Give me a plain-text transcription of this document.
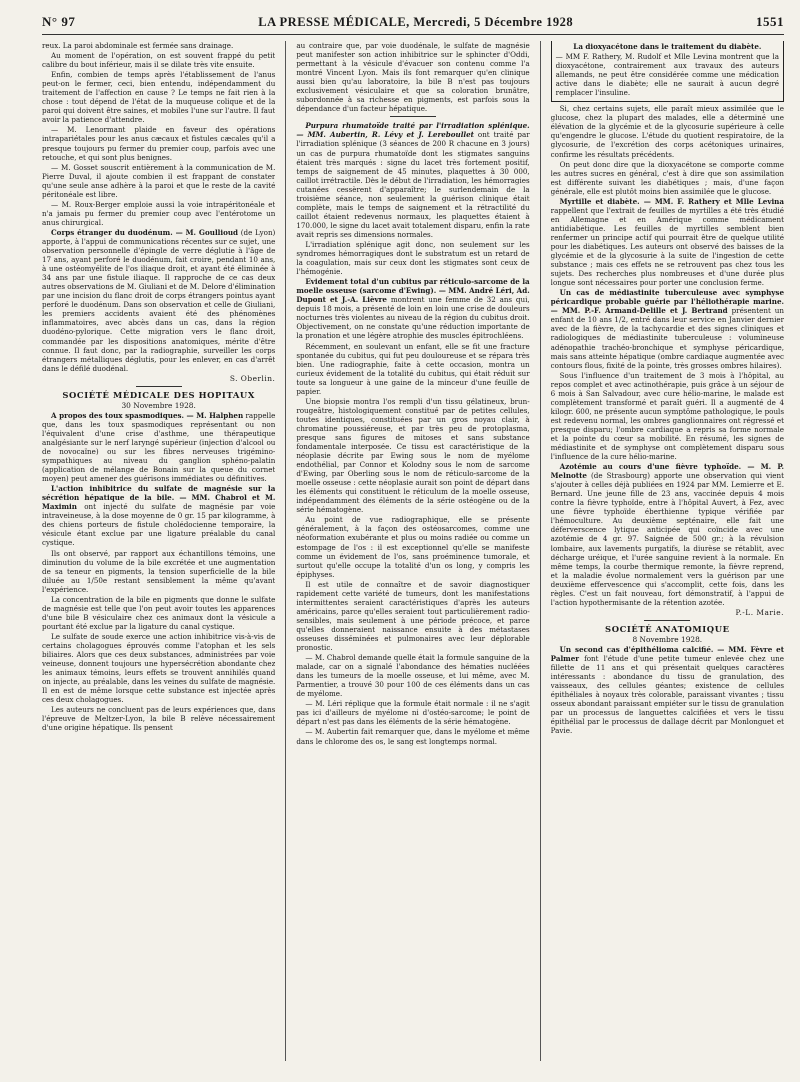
N° 97	LA PRESSE MÉDICALE, Mercredi, 5 Décembre 1928	1551

reux. La paroi abdominale est fermée sans drainage.

Au moment de l'opération, on est souvent frappé du petit calibre du bout inférieur, mais il se dilate très vite ensuite.

Enfin, combien de temps après l'établissement de l'anus peut-on le fermer, ceci, bien entendu, indépendamment du traitement de l'affection en cause ? Le temps ne fait rien à la chose : tout dépend de l'état de la muqueuse colique et de la paroi qui doivent être saines, et mobiles l'une sur l'autre. Il faut avoir la patience d'attendre.

— M. Lenormant plaide en faveur des opérations intrapariétales pour les anus cæcaux et fistules cæcales qu'il a presque toujours pu fermer du premier coup, parfois avec une retouche, et qui sont plus benignes.

— M. Gosset souscrit entièrement à la communication de M. Pierre Duval, il ajoute combien il est frappant de constater qu'une seule anse adhère à la paroi et que le reste de la cavité péritonéale est libre.

— M. Roux-Berger emploie aussi la voie intrapéritonéale et n'a jamais pu fermer du premier coup avec l'entérotome un anus chirurgical.

Corps étranger du duodénum. — M. Goullioud (de Lyon) apporte, à l'appui de communications récentes sur ce sujet, une observation personnelle d'épingle de verre déglutie à l'âge de 17 ans, ayant perforé le duodénum, fait croire, pendant 10 ans, à une ostéomyélite de l'os iliaque droit, et ayant été éliminée à 34 ans par une fistule iliaque. Il rapproche de ce cas deux autres observations de M. Giuliani et de M. Delore d'élimination par une incision du flanc droit de corps étrangers pointus ayant perforé le duodénum. Dans son observation et celle de Giuliani, les premiers accidents avaient été des phénomènes inflammatoires, avec abcès dans un cas, dans la région duodéno-pylorique. Cette migration vers le flanc droit, commandée par les dispositions anatomiques, mérite d'être connue. Il faut donc, par la radiographie, surveiller les corps étrangers métalliques déglutis, pour les enlever, en cas d'arrêt dans le défilé duodénal.

S. Oberlin.

SOCIÉTÉ MÉDICALE DES HOPITAUX

30 Novembre 1928.

A propos des toux spasmodiques. — M. Halphen rappelle que, dans les toux spasmodiques représentant ou non l'équivalent d'une crise d'asthme, une thérapeutique analgésiante sur le nerf laryngé supérieur (injection d'alcool ou de novocaïne) ou sur les fibres nerveuses trigémino-sympathiques au niveau du ganglion sphéno-palatin (application de mélange de Bonain sur la queue du cornet moyen) peut amener des guérisons immédiates ou définitives.

L'action inhibitrice du sulfate de magnésie sur la sécrétion hépatique de la bile. — MM. Chabrol et M. Maximin ont injecté du sulfate de magnésie par voie intraveineuse, à la dose moyenne de 0 gr. 15 par kilogramme, à des chiens porteurs de fistule cholédocienne temporaire, la vésicule étant exclue par une ligature préalable du canal cystique.

Ils ont observé, par rapport aux échantillons témoins, une diminution du volume de la bile excrétée et une augmentation de sa teneur en pigments, la tension superficielle de la bile diluée au 1/50e restant sensiblement la même qu'avant l'expérience.

La concentration de la bile en pigments que donne le sulfate de magnésie est telle que l'on peut avoir toutes les apparences d'une bile B vésiculaire chez ces animaux dont la vésicule a pourtant été exclue par la ligature du canal cystique.

Le sulfate de soude exerce une action inhibitrice vis-à-vis de certains cholagogues éprouvés comme l'atophan et les sels biliaires. Alors que ces deux substances, administrées par voie veineuse, donnent toujours une hypersécrétion abondante chez les animaux témoins, leurs effets se trouvent annihilés quand on injecte, au préalable, dans les veines du sulfate de magnésie. Il en est de même lorsque cette substance est injectée après ces deux cholagogues.

Les auteurs ne concluent pas de leurs expériences que, dans l'épreuve de Meltzer-Lyon, la bile B relève nécessairement d'une origine hépatique. Ils pensent

au contraire que, par voie duodénale, le sulfate de magnésie peut manifester son action inhibitrice sur le sphincter d'Oddi, permettant à la vésicule d'évacuer son contenu comme l'a montré Vincent Lyon. Mais ils font remarquer qu'en clinique aussi bien qu'au laboratoire, la bile B n'est pas toujours exclusivement vésiculaire et que sa coloration brunâtre, subordonnée à sa richesse en pigments, est parfois sous la dépendance d'un facteur hépatique.

Purpura rhumatoïde traité par l'irradiation splénique. — MM. Aubertin, R. Lévy et J. Lereboullet ont traité par l'irradiation splénique (3 séances de 200 R chacune en 3 jours) un cas de purpura rhumatoïde dont les stigmates sanguins étaient très marqués : signe du lacet très fortement positif, temps de saignement de 45 minutes, plaquettes à 30 000, caillot irrétractile. Dès le début de l'irradiation, les hémorragies cutanées cessèrent d'apparaître; le surlendemain de la troisième séance, non seulement la guérison clinique était complète, mais le temps de saignement et la rétractilité du caillot étaient redevenus normaux, les plaquettes étaient à 170.000, le signe du lacet avait totalement disparu, enfin la rate avait repris ses dimensions normales.

L'irradiation splénique agit donc, non seulement sur les syndromes hémorragiques dont le substratum est un retard de la coagulation, mais sur ceux dont les stigmates sont ceux de l'hémogénie.

Evidement total d'un cubitus par réticulo-sarcome de la moelle osseuse (sarcome d'Ewing). — MM. André Léri, Ad. Dupont et J.-A. Lièvre montrent une femme de 32 ans qui, depuis 18 mois, a présenté de loin en loin une crise de douleurs nocturnes très violentes au niveau de la région du cubitus droit. Objectivement, on ne constate qu'une réduction importante de la pronation et une légère atrophie des muscles épitrochléens.

Récemment, en soulevant un enfant, elle se fit une fracture spontanée du cubitus, qui fut peu douloureuse et se répara très bien. Une radiographie, faite à cette occasion, montra un curieux évidement de la totalité du cubitus, qui était réduit sur toute sa longueur à une gaine de la minceur d'une feuille de papier.

Une biopsie montra l'os rempli d'un tissu gélatineux, brun-rougeâtre, histologiquement constitué par de petites cellules, toutes identiques, constituées par un gros noyau clair, à chromatine poussiéreuse, et par très peu de protoplasma, presque sans figures de mitoses et sans substance fondamentale interposée. Ce tissu est caractéristique de la néoplasie décrite par Ewing sous le nom de myélome endothélial, par Connor et Kolodny sous le nom de sarcome d'Ewing, par Oberling sous le nom de réticulo-sarcome de la moelle osseuse : cette néoplasie aurait son point de départ dans les éléments qui constituent le réticulum de la moelle osseuse, indépendamment des éléments de la série ostéogène ou de la série hématogène.

Au point de vue radiographique, elle se présente généralement, à la façon des ostéosarcomes, comme une néoformation exubérante et plus ou moins radiée ou comme un estompage de l'os : il est exceptionnel qu'elle se manifeste comme un évidement de l'os, sans proéminence tumorale, et surtout qu'elle occupe la totalité d'un os long, y compris les épiphyses.

Il est utile de connaître et de savoir diagnostiquer rapidement cette variété de tumeurs, dont les manifestations intermittentes seraient caractéristiques d'après les auteurs américains, parce qu'elles seraient tout particulièrement radio-sensibles, mais seulement à une période précoce, et parce qu'elles donneraient naissance ensuite à des métastases osseuses disséminées et pulmonaires avec leur déplorable pronostic.

— M. Chabrol demande quelle était la formule sanguine de la malade, car on a signalé l'abondance des hématies nucléées dans les tumeurs de la moelle osseuse, et lui même, avec M. Parmentier, a trouvé 30 pour 100 de ces éléments dans un cas de myélome.

— M. Léri réplique que la formule était normale : il ne s'agit pas ici d'ailleurs de myélome ni d'ostéo-sarcome; le point de départ n'est pas dans les éléments de la série hématogène.

— M. Aubertin fait remarquer que, dans le myélome et même dans le chlorome des os, le sang est longtemps normal.

La dioxyacétone dans le traitement du diabète.

— MM F. Rathery, M. Rudolf et Mlle Levina montrent que la dioxyacétone, contrairement aux travaux des auteurs allemands, ne peut être considérée comme une médication active dans le diabète; elle ne saurait à aucun degré remplacer l'insuline.

Si, chez certains sujets, elle paraît mieux assimilée que le glucose, chez la plupart des malades, elle a déterminé une élévation de la glycémie et de la glycosurie supérieure à celle qu'engendre le glucose. L'étude du quotient respiratoire, de la glycosurie, de l'excrétion des corps acétoniques urinaires, confirme les résultats précédents.

On peut donc dire que la dioxyacétone se comporte comme les autres sucres en général, c'est à dire que son assimilation est différente suivant les diabétiques ; mais, d'une façon générale, elle est plutôt moins bien assimilée que le glucose.

Myrtille et diabète. — MM. F. Rathery et Mlle Levina rappellent que l'extrait de feuilles de myrtilles a été très étudié en Allemagne et en Amérique comme médicament antidiabétique. Les feuilles de myrtilles semblent bien renfermer un principe actif qui pourrait être de quelque utilité pour les diabétiques. Les auteurs ont observé des baisses de la glycémie et de la glycosurie à la suite de l'ingestion de cette substance ; mais ces effets ne se retrouvent pas chez tous les sujets. Des recherches plus nombreuses et d'une durée plus longue sont nécessaires pour porter une conclusion ferme.

Un cas de médiastinite tuberculeuse avec symphyse péricardique probable guérie par l'héliothérapie marine. — MM. P.-F. Armand-Delille et J. Bertrand présentent un enfant de 10 ans 1/2, entré dans leur service en Janvier dernier avec de la fièvre, de la tachycardie et des signes cliniques et radiologiques de médiastinite tuberculeuse : volumineuse adénopathie trachéo-bronchique et symphyse péricardique, mais sans atteinte hépatique (ombre cardiaque augmentée avec contours flous, fixité de la pointe, très grosses ombres hilaires).

Sous l'influence d'un traitement de 3 mois à l'hôpital, au repos complet et avec actinothérapie, puis grâce à un séjour de 6 mois à San Salvadour, avec cure hélio-marine, le malade est complètement transformé et paraît guéri. Il a augmenté de 4 kilogr. 600, ne présente aucun symptôme pathologique, le pouls est redevenu normal, les ombres ganglionnaires ont régressé et presque disparu; l'ombre cardiaque a repris sa forme normale et la pointe du cœur sa mobilité. En résumé, les signes de médiastinite et de symphyse ont complètement disparu sous l'influence de la cure hélio-marine.

Azotémie au cours d'une fièvre typhoïde. — M. P. Melnotte (de Strasbourg) apporte une observation qui vient s'ajouter à celles déjà publiées en 1924 par MM. Lemierre et E. Bernard. Une jeune fille de 23 ans, vaccinée depuis 4 mois contre la fièvre typhoïde, entre à l'hôpital Auvert, à Fez, avec une fièvre typhoïde éberthienne typique vérifiée par l'hémoculture. Au deuxième septénaire, elle fait une déferverscence lytique anticipée qui coïncide avec une azotémie de 4 gr. 97. Saignée de 500 gr.; à la révulsion lombaire, aux lavements purgatifs, la diurèse se rétablit, avec décharge uréique, et l'urée sanguine revient à la normale. En même temps, la courbe thermique remonte, la fièvre reprend, et la maladie évolue normalement vers la guérison par une deuxième effervescence qui s'accomplit, cette fois, dans les règles. C'est un fait nouveau, fort démonstratif, à l'appui de l'action hypothermisante de la rétention azotée.

P.-L. Marie.

SOCIÉTÉ ANATOMIQUE

8 Novembre 1928.

Un second cas d'épithélioma calcifié. — MM. Fèvre et Palmer font l'étude d'une petite tumeur enlevée chez une fillette de 11 ans et qui présentait quelques caractères intéressants : abondance du tissu de granulation, des vaisseaux, des cellules géantes; existence de cellules épithéliales à noyaux très colorable, paraissant vivantes ; tissu osseux abondant paraissant empiéter sur le tissu de granulation par un processus de languettes calcifiées et vers le tissu épithélial par le processus de dallage décrit par Monlonguet et Pavie.
